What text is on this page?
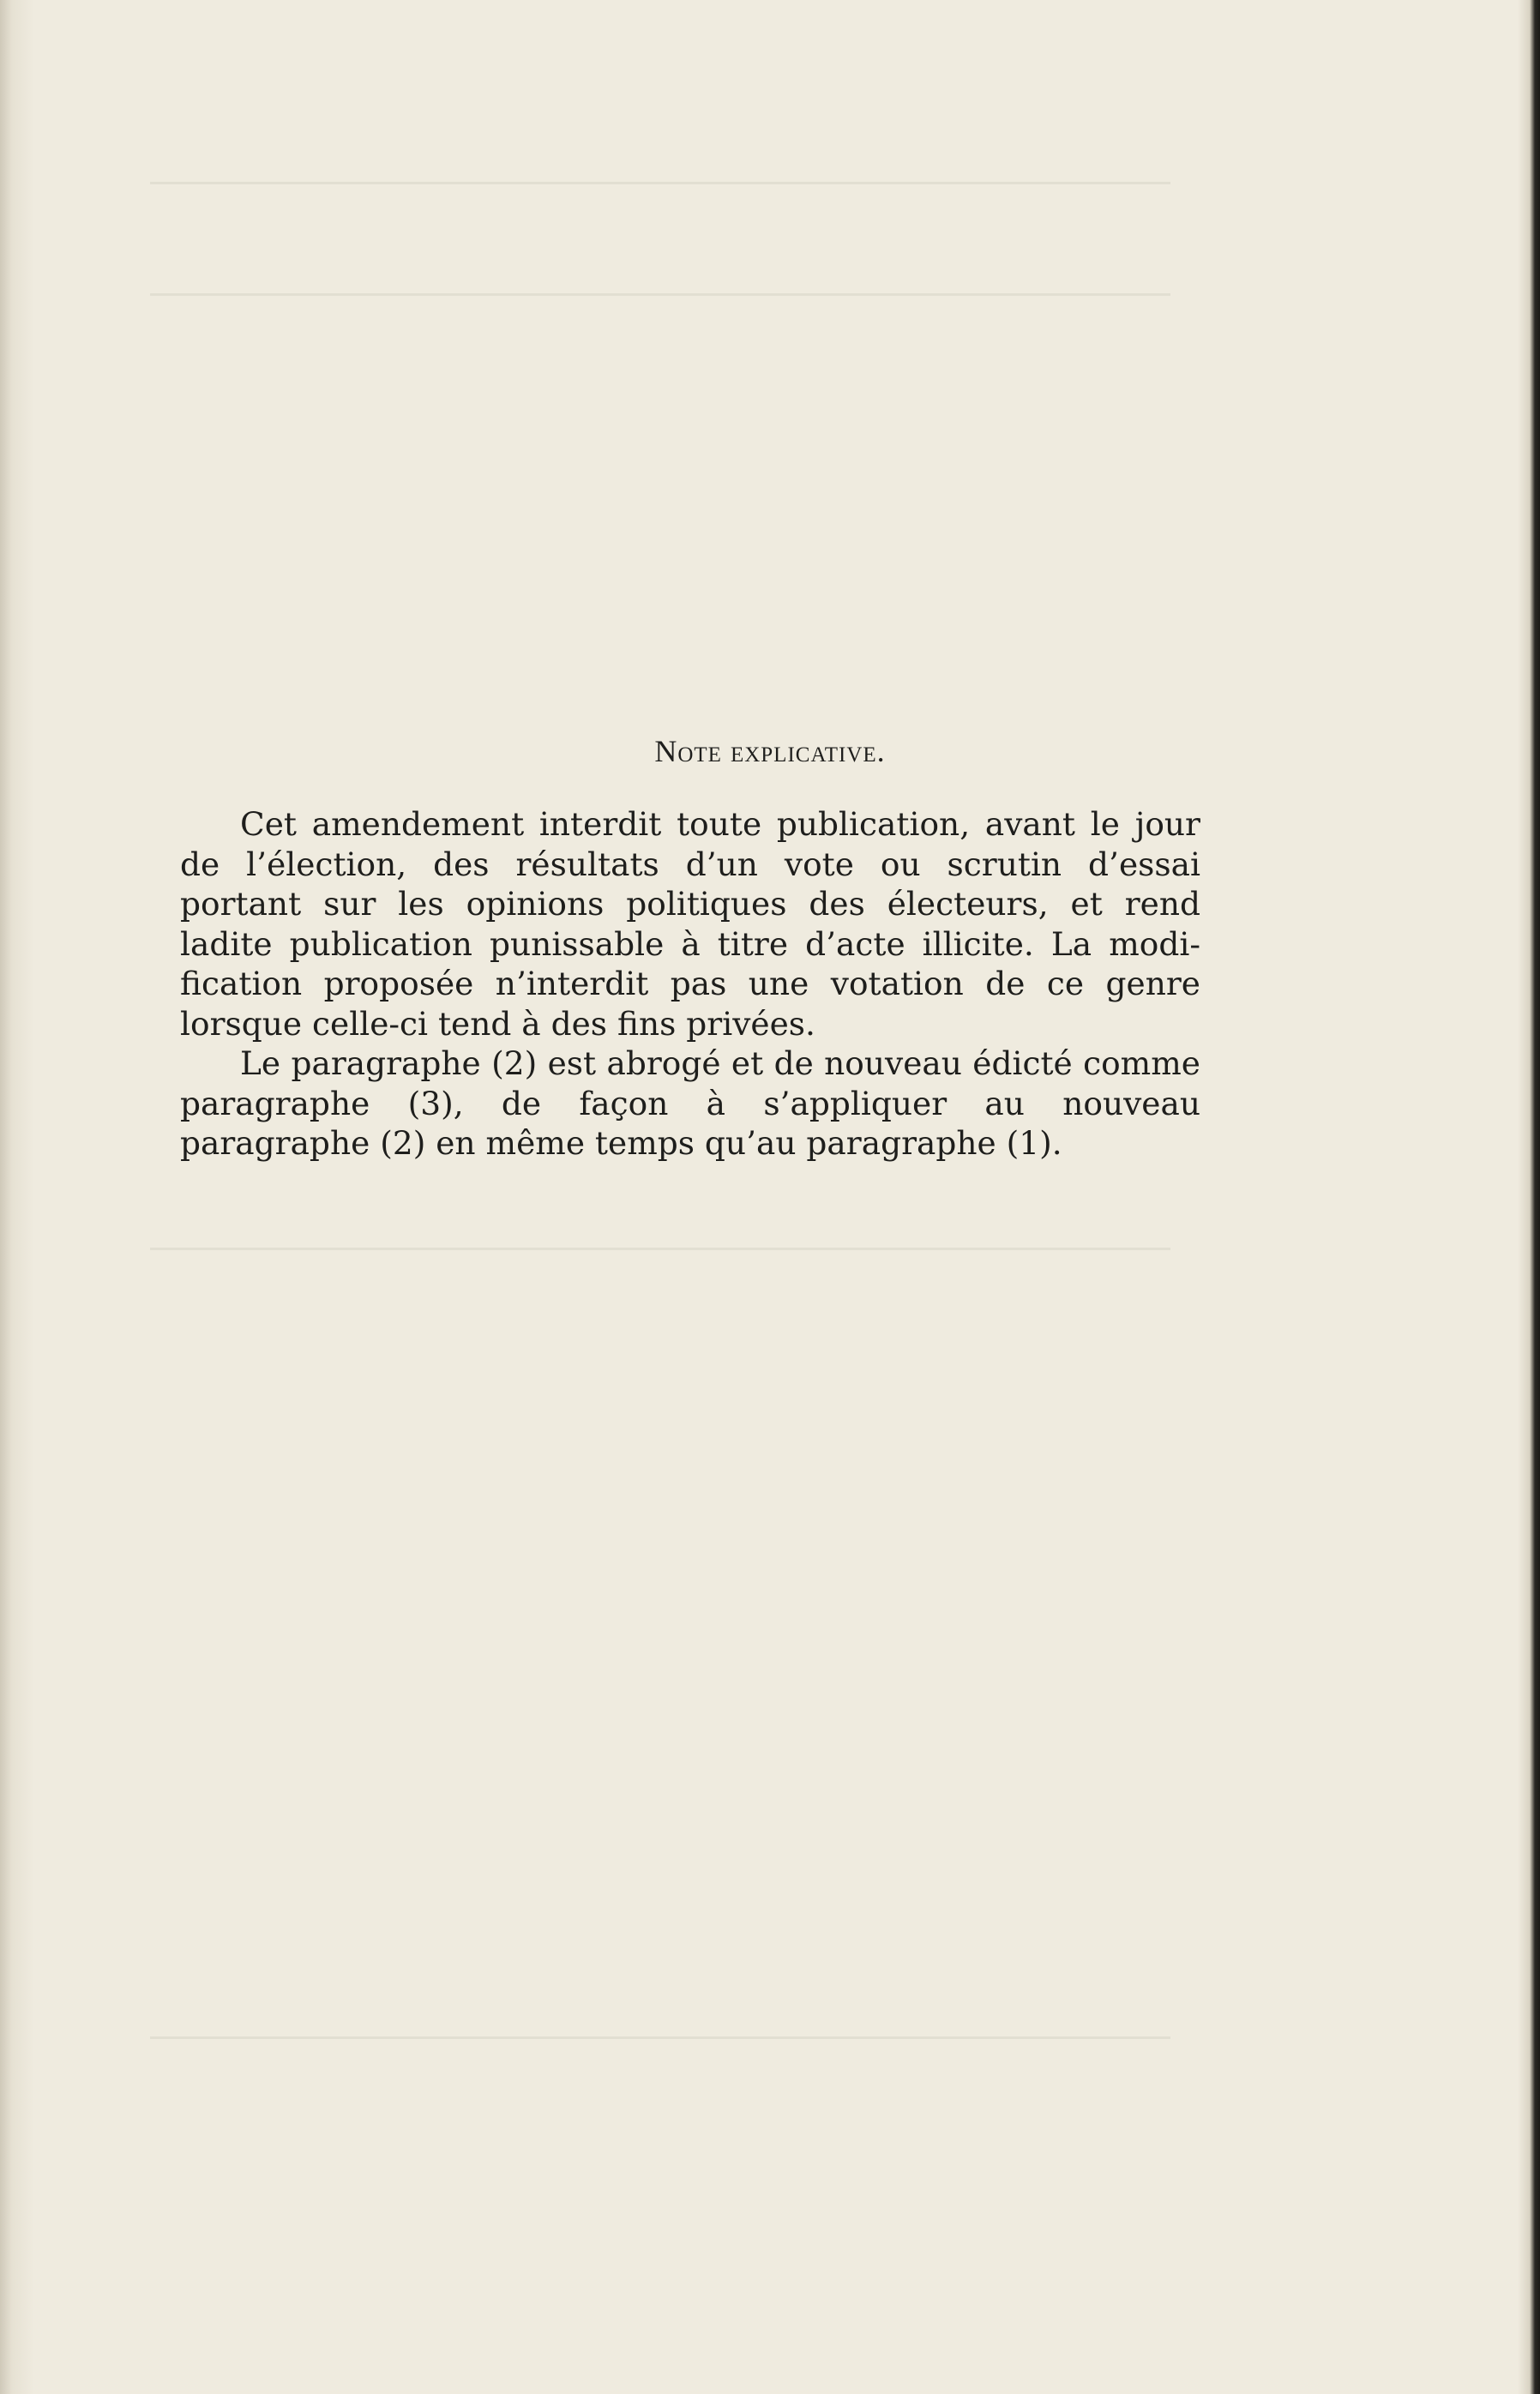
Note explicative.

Cet amendement interdit toute publication, avant le jour de l’élection, des résultats d’un vote ou scrutin d’essai portant sur les opinions politiques des électeurs, et rend ladite publication punissable à titre d’acte illicite. La modification proposée n’interdit pas une votation de ce genre lorsque celle-ci tend à des fins privées.

Le paragraphe (2) est abrogé et de nouveau édicté comme paragraphe (3), de façon à s’appliquer au nouveau paragraphe (2) en même temps qu’au paragraphe (1).
